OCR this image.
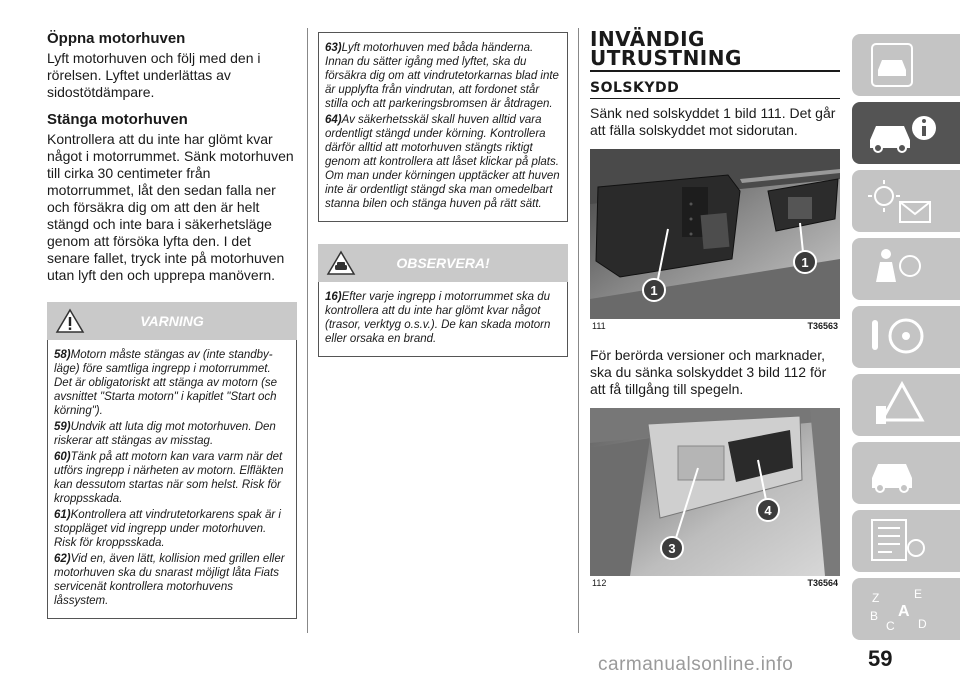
Öppna motorhuven

Lyft motorhuven och följ med den i rörelsen. Lyftet underlättas av sidostötdämpare.

Stänga motorhuven

Kontrollera att du inte har glömt kvar något i motorrummet. Sänk motorhuven till cirka 30 centimeter från motorrummet, låt den sedan falla ner och försäkra dig om att den är helt stängd och inte bara i säkerhetsläge genom att försöka lyfta den. I det senare fallet, tryck inte på motorhuven utan lyft den och upprepa manövern.

VARNING

58)Motorn måste stängas av (inte standby-läge) före samtliga ingrepp i motorrummet. Det är obligatoriskt att stänga av motorn (se avsnittet "Starta motorn" i kapitlet "Start och körning").

59)Undvik att luta dig mot motorhuven. Den riskerar att stängas av misstag.

60)Tänk på att motorn kan vara varm när det utförs ingrepp i närheten av motorn. Elfläkten kan dessutom startas när som helst. Risk för kroppsskada.

61)Kontrollera att vindrutetorkarens spak är i stoppläget vid ingrepp under motorhuven. Risk för kroppsskada.

62)Vid en, även lätt, kollision med grillen eller motorhuven ska du snarast möjligt låta Fiats servicenät kontrollera motorhuvens låssystem.

63)Lyft motorhuven med båda händerna. Innan du sätter igång med lyftet, ska du försäkra dig om att vindrutetorkarnas blad inte är upplyfta från vindrutan, att fordonet står stilla och att parkeringsbromsen är åtdragen.

64)Av säkerhetsskäl skall huven alltid vara ordentligt stängd under körning. Kontrollera därför alltid att motorhuven stängts riktigt genom att kontrollera att låset klickar på plats. Om man under körningen upptäcker att huven inte är ordentligt stängd ska man omedelbart stanna bilen och stänga huven på rätt sätt.

OBSERVERA!

16)Efter varje ingrepp i motorrummet ska du kontrollera att du inte har glömt kvar något (trasor, verktyg o.s.v.). De kan skada motorn eller orsaka en brand.

INVÄNDIG
UTRUSTNING

SOLSKYDD

Sänk ned solskyddet 1 bild 111. Det går att fälla solskyddet mot sidorutan.

1
1
111	T36563

För berörda versioner och marknader, ska du sänka solskyddet 3 bild 112 för att få tillgång till spegeln.

3
4
112	T36564
Z	E
B
C D
A
59
carmanualsonline.info
